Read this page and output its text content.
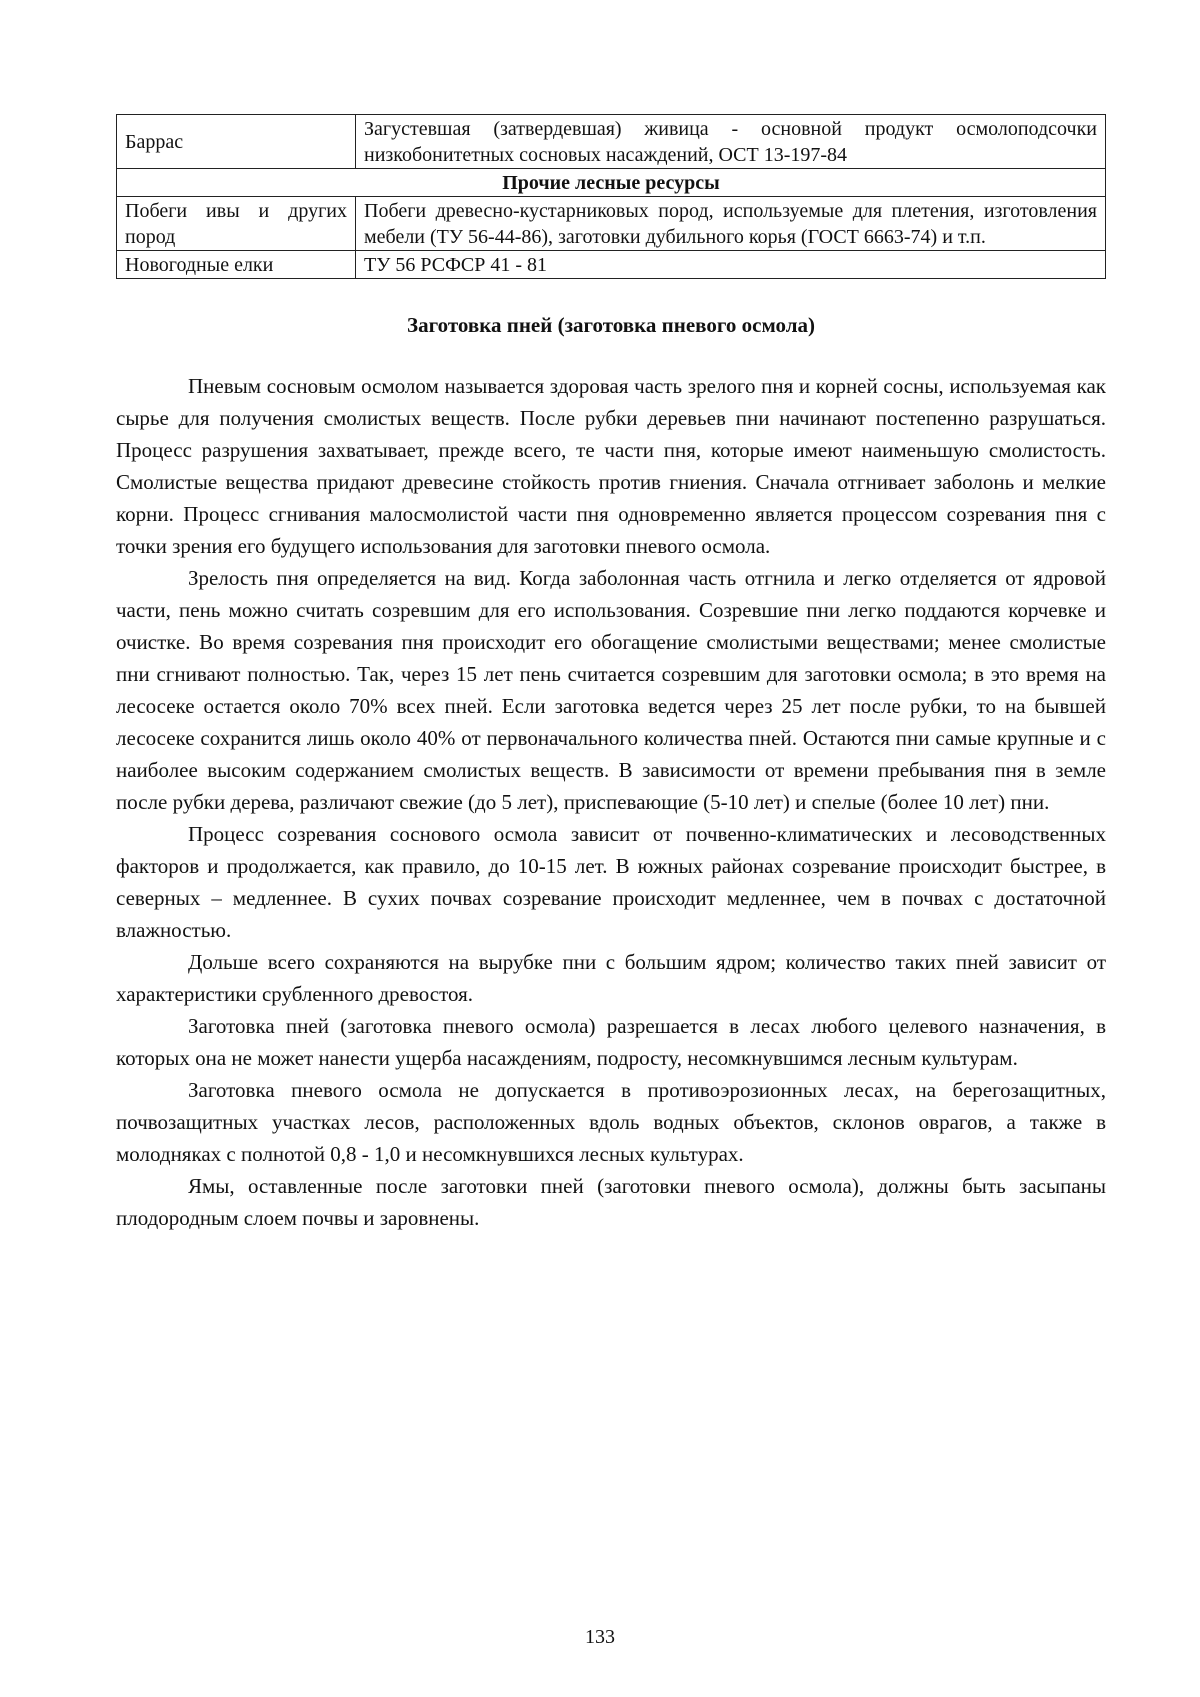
Баррас	Загустевшая (затвердевшая) живица - основной продукт осмолоподсочки низкобонитетных сосновых насаждений, ОСТ 13-197-84
Прочие лесные ресурсы	
Побеги ивы и других пород	Побеги древесно-кустарниковых пород, используемые для плетения, изготовления мебели (ТУ 56-44-86), заготовки дубильного корья (ГОСТ 6663-74) и т.п.
Новогодные елки	ТУ 56 РСФСР 41 - 81
Заготовка пней (заготовка пневого осмола)

Пневым сосновым осмолом называется здоровая часть зрелого пня и корней сосны, используемая как сырье для получения смолистых веществ. После рубки деревьев пни начинают постепенно разрушаться. Процесс разрушения захватывает, прежде всего, те части пня, которые имеют наименьшую смолистость. Смолистые вещества придают древесине стойкость против гниения. Сначала отгнивает заболонь и мелкие корни. Процесс сгнивания малосмолистой части пня одновременно является процессом созревания пня с точки зрения его будущего использования для заготовки пневого осмола.

Зрелость пня определяется на вид. Когда заболонная часть отгнила и легко отделяется от ядровой части, пень можно считать созревшим для его использования. Созревшие пни легко поддаются корчевке и очистке. Во время созревания пня происходит его обогащение смолистыми веществами; менее смолистые пни сгнивают полностью. Так, через 15 лет пень считается созревшим для заготовки осмола; в это время на лесосеке остается около 70% всех пней. Если заготовка ведется через 25 лет после рубки, то на бывшей лесосеке сохранится лишь около 40% от первоначального количества пней. Остаются пни самые крупные и с наиболее высоким содержанием смолистых веществ. В зависимости от времени пребывания пня в земле после рубки дерева, различают свежие (до 5 лет), приспевающие (5-10 лет) и спелые (более 10 лет) пни.

Процесс созревания соснового осмола зависит от почвенно-климатических и лесоводственных факторов и продолжается, как правило, до 10-15 лет. В южных районах созревание происходит быстрее, в северных – медленнее. В сухих почвах созревание происходит медленнее, чем в почвах с достаточной влажностью.

Дольше всего сохраняются на вырубке пни с большим ядром; количество таких пней зависит от характеристики срубленного древостоя.

Заготовка пней (заготовка пневого осмола) разрешается в лесах любого целевого назначения, в которых она не может нанести ущерба насаждениям, подросту, несомкнувшимся лесным культурам.

Заготовка пневого осмола не допускается в противоэрозионных лесах, на берегозащитных, почвозащитных участках лесов, расположенных вдоль водных объектов, склонов оврагов, а также в молодняках с полнотой 0,8 - 1,0 и несомкнувшихся лесных культурах.

Ямы, оставленные после заготовки пней (заготовки пневого осмола), должны быть засыпаны плодородным слоем почвы и заровнены.

133
